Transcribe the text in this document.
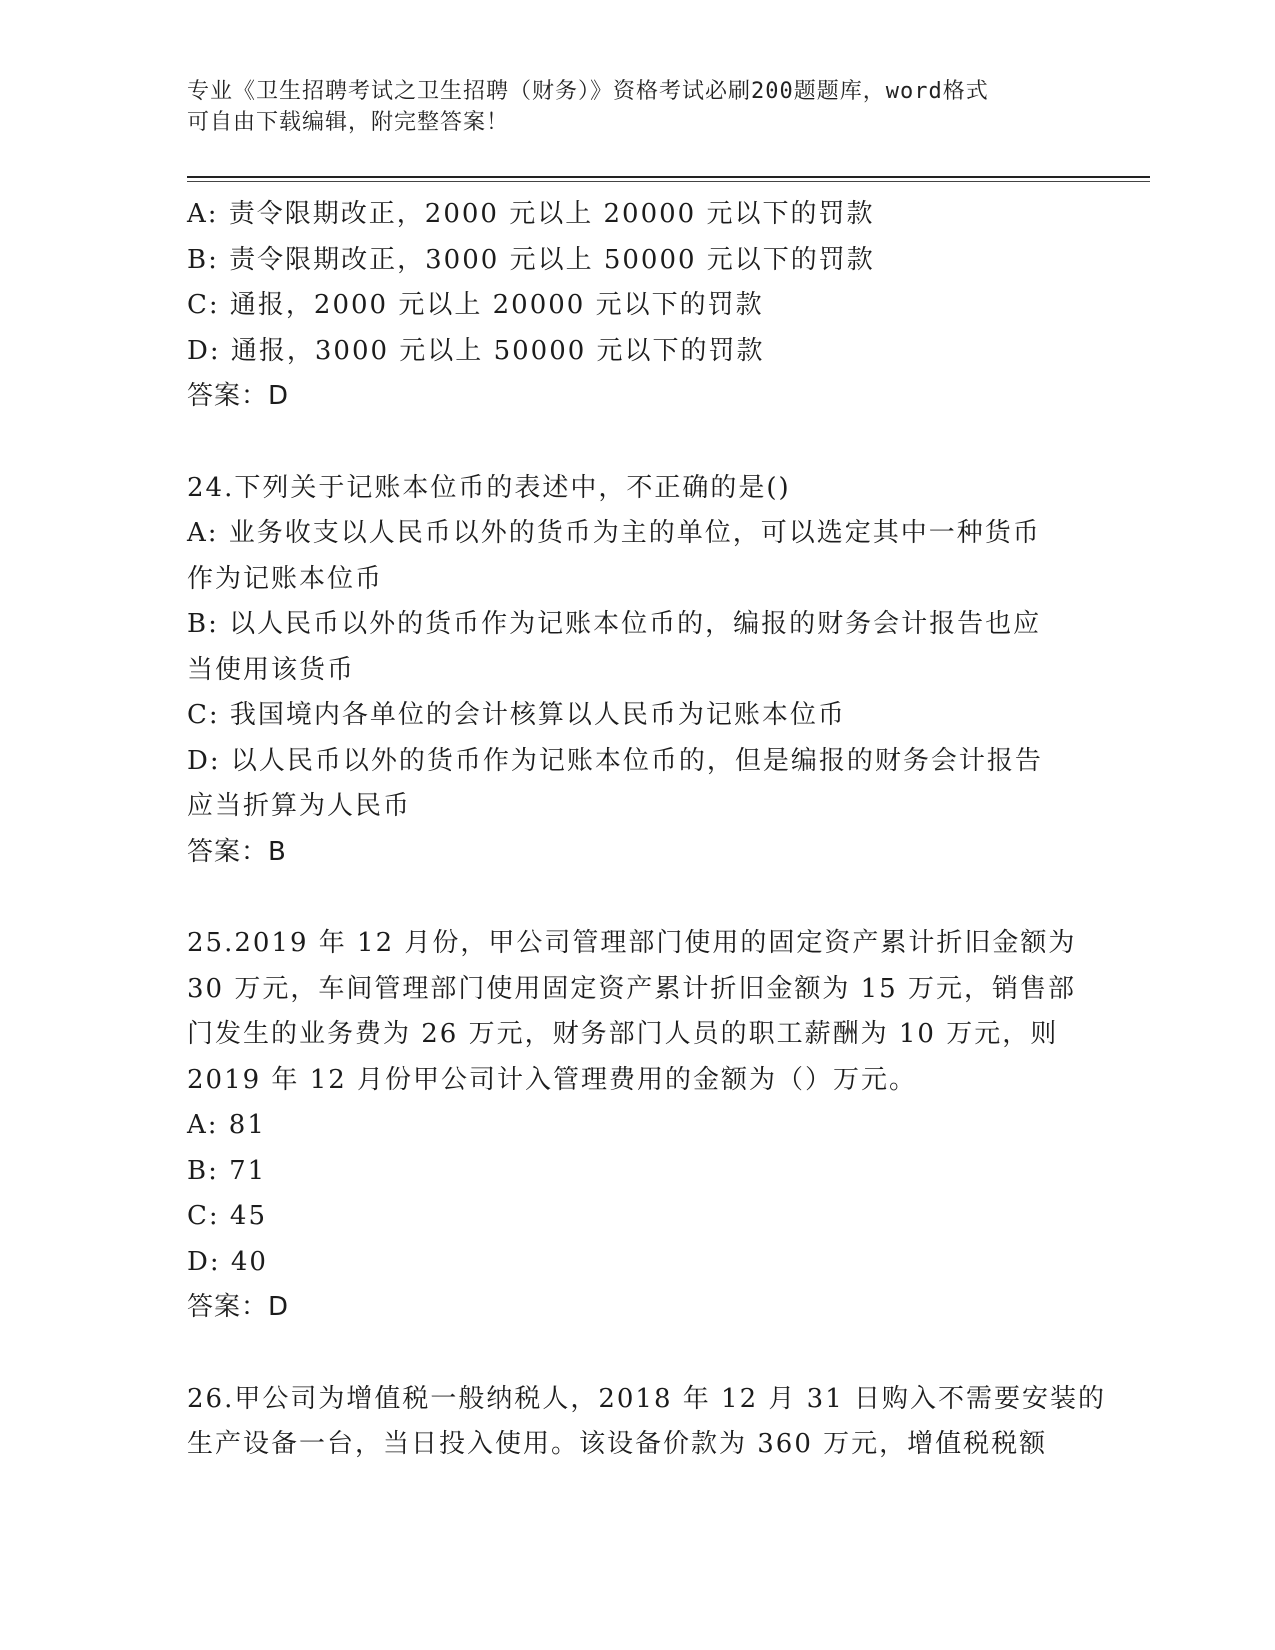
专业《卫生招聘考试之卫生招聘（财务）》资格考试必刷200题题库，word格式
可自由下载编辑，附完整答案！

A: 责令限期改正，2000 元以上 20000 元以下的罚款

B: 责令限期改正，3000 元以上 50000 元以下的罚款

C: 通报，2000 元以上 20000 元以下的罚款

D: 通报，3000 元以上 50000 元以下的罚款

答案：D

24.下列关于记账本位币的表述中，不正确的是()

A: 业务收支以人民币以外的货币为主的单位，可以选定其中一种货币

作为记账本位币

B: 以人民币以外的货币作为记账本位币的，编报的财务会计报告也应

当使用该货币

C: 我国境内各单位的会计核算以人民币为记账本位币

D: 以人民币以外的货币作为记账本位币的，但是编报的财务会计报告

应当折算为人民币

答案：B

25.2019 年 12 月份，甲公司管理部门使用的固定资产累计折旧金额为

30 万元，车间管理部门使用固定资产累计折旧金额为 15 万元，销售部

门发生的业务费为 26 万元，财务部门人员的职工薪酬为 10 万元，则

2019 年 12 月份甲公司计入管理费用的金额为（）万元。

A: 81

B: 71

C: 45

D: 40

答案：D

26.甲公司为增值税一般纳税人，2018 年 12 月 31 日购入不需要安装的

生产设备一台，当日投入使用。该设备价款为 360 万元，增值税税额
